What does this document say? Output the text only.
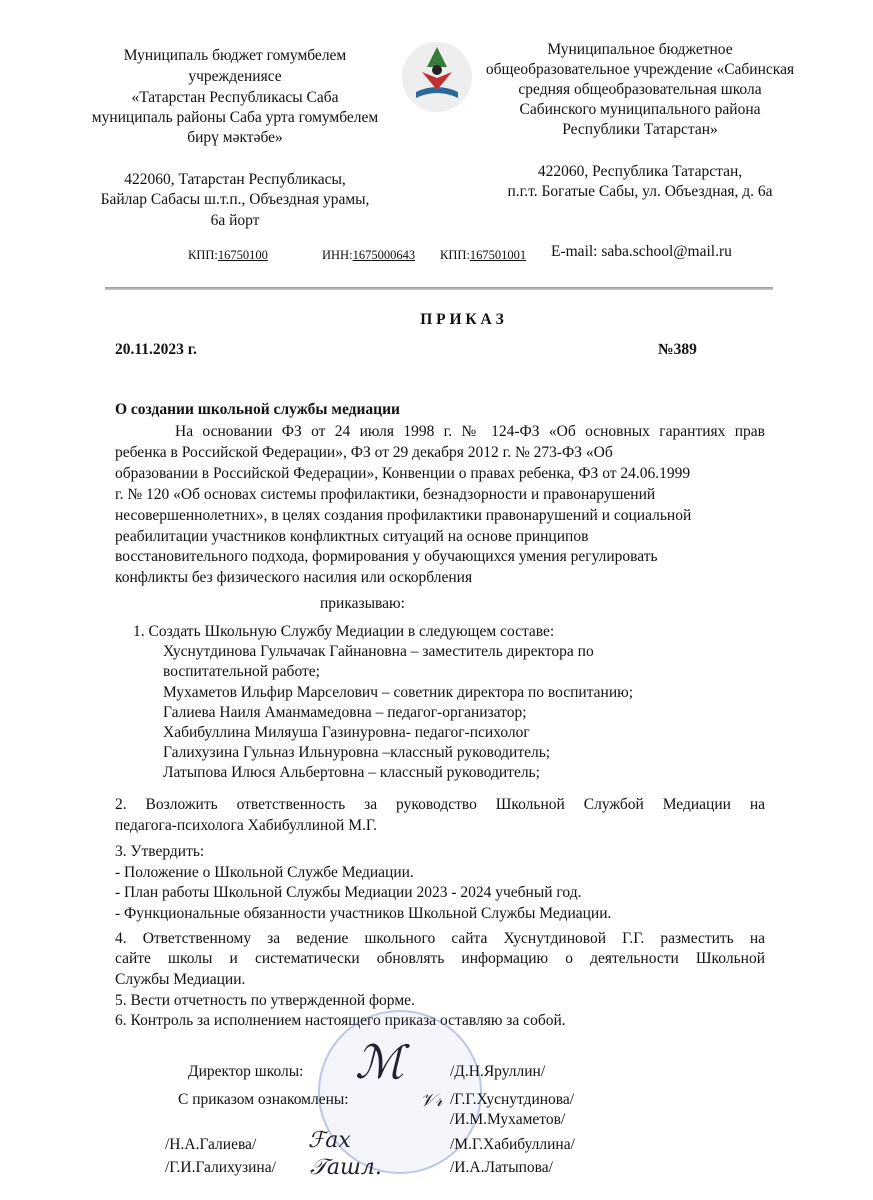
Муниципаль бюджет гомумбелем
учреждениясе
«Татарстан Республикасы Саба
муниципаль районы Саба урта гомумбелем
бирү мәктәбе»
422060, Татарстан Республикасы,
Байлар Сабасы ш.т.п., Объездная урамы,
6а йорт
Муниципальное бюджетное
общеобразовательное учреждение «Сабинская
средняя общеобразовательная школа
Сабинского муниципального района
Республики Татарстан»
422060, Республика Татарстан,
п.г.т. Богатые Сабы, ул. Объездная, д. 6а
КПП:16750100	ИНН:1675000643 КПП:167501001 E-mail: saba.school@mail.ru
П Р И К А З
20.11.2023 г.	№389
О создании школьной службы медиации
На основании ФЗ от 24 июля 1998 г. № 124-ФЗ «Об основных гарантиях прав
ребенка в Российской Федерации», ФЗ от 29 декабря 2012 г. № 273-ФЗ «Об
образовании в Российской Федерации», Конвенции о правах ребенка, ФЗ от 24.06.1999
г. № 120 «Об основах системы профилактики, безнадзорности и правонарушений
несовершеннолетних», в целях создания профилактики правонарушений и социальной
реабилитации участников конфликтных ситуаций на основе принципов
восстановительного подхода, формирования у обучающихся умения регулировать
конфликты без физического насилия или оскорбления
приказываю:
1. Создать Школьную Службу Медиации в следующем составе:
Хуснутдинова Гульчачак Гайнановна – заместитель директора по
воспитательной работе;
Мухаметов Ильфир Марселович – советник директора по воспитанию;
Галиева Наиля Аманмамедовна – педагог-организатор;
Хабибуллина Миляуша Газинуровна- педагог-психолог
Галихузина Гульназ Ильнуровна –классный руководитель;
Латыпова Илюся Альбертовна – классный руководитель;
2. Возложить ответственность за руководство Школьной Службой Медиации на
педагога-психолога Хабибуллиной М.Г.
3. Утвердить:
- Положение о Школьной Службе Медиации.
- План работы Школьной Службы Медиации 2023 - 2024 учебный год.
- Функциональные обязанности участников Школьной Службы Медиации.
4. Ответственному за ведение школьного сайта Хуснутдиновой Г.Г. разместить на
сайте школы и систематически обновлять информацию о деятельности Школьной
Службы Медиации.
5. Вести отчетность по утвержденной форме.
6. Контроль за исполнением настоящего приказа оставляю за собой.
ℳ
Директор школы:	/Д.Н.Яруллин/
С приказом ознакомлены:	/Г.Г.Хуснутдинова/
/И.М.Мухаметов/
/Н.А.Галиева/	/М.Г.Хабибуллина/
/Г.И.Галихузина/	/И.А.Латыпова/
ℱax
𝒯ашл.
𝒱𝓇
